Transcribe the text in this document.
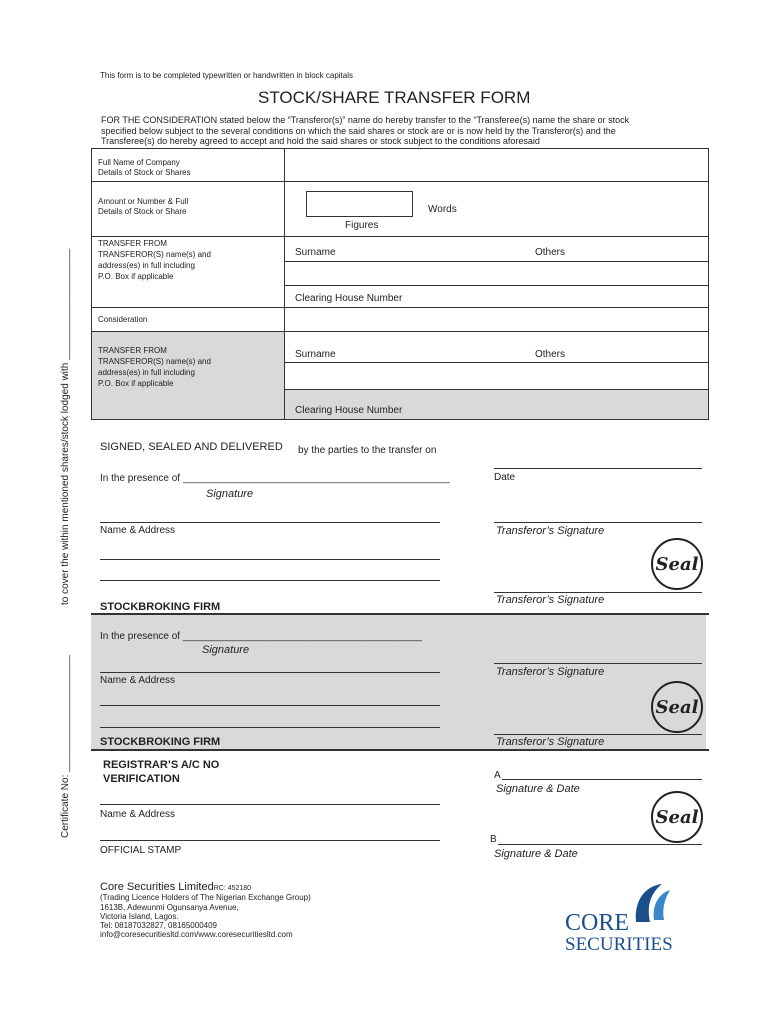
This form is to be completed typewritten or handwritten in block capitals
STOCK/SHARE TRANSFER FORM
FOR THE CONSIDERATION stated below the “Transferor(s)” name do hereby transfer to the “Transferee(s) name the share or stock
specified below subject to the several conditions on which the said shares or stock are or is now held by the Transferor(s) and the
Transferee(s) do hereby agreed to accept and hold the said shares or stock subject to the conditions aforesaid
to cover the within mentioned shares/stock lodged with ____________________
Certificate No: _____________________
Full Name of Company
Details of Stock or Shares
Amount or Number & Full
Details of Stock or Share	Words
Figures
TRANSFER FROM
TRANSFEROR(S) name(s) and
address(es) in full including
P.O. Box if applicable
Surname	Others
Clearing House Number
Consideration
TRANSFER FROM
TRANSFEROR(S) name(s) and
address(es) in full including
P.O. Box if applicable
Surname	Others
Clearing House Number
SIGNED, SEALED AND DELIVERED by the parties to the transfer on
Date
In the presence of ________________________________________________
Signature
Name & Address	Transferor’s Signature
Seal
Transferor’s Signature
STOCKBROKING FIRM
In the presence of ___________________________________________
Signature
Transferor’s Signature
Name & Address
Seal
STOCKBROKING FIRM	Transferor’s Signature
REGISTRAR’S A/C NO
VERIFICATION	A
Signature & Date
Name & Address	Seal
B
OFFICIAL STAMP	Signature & Date
Core Securities LimitedRC: 452180
(Trading Licence Holders of The Nigerian Exchange Group)
1613B, Adewunmi Ogunsanya Avenue,
Victoria Island, Lagos.
Tel: 08187032827, 08165000409
info@coresecuritiesltd.com/www.coresecuritiesltd.com	CORE
SECURITIES
